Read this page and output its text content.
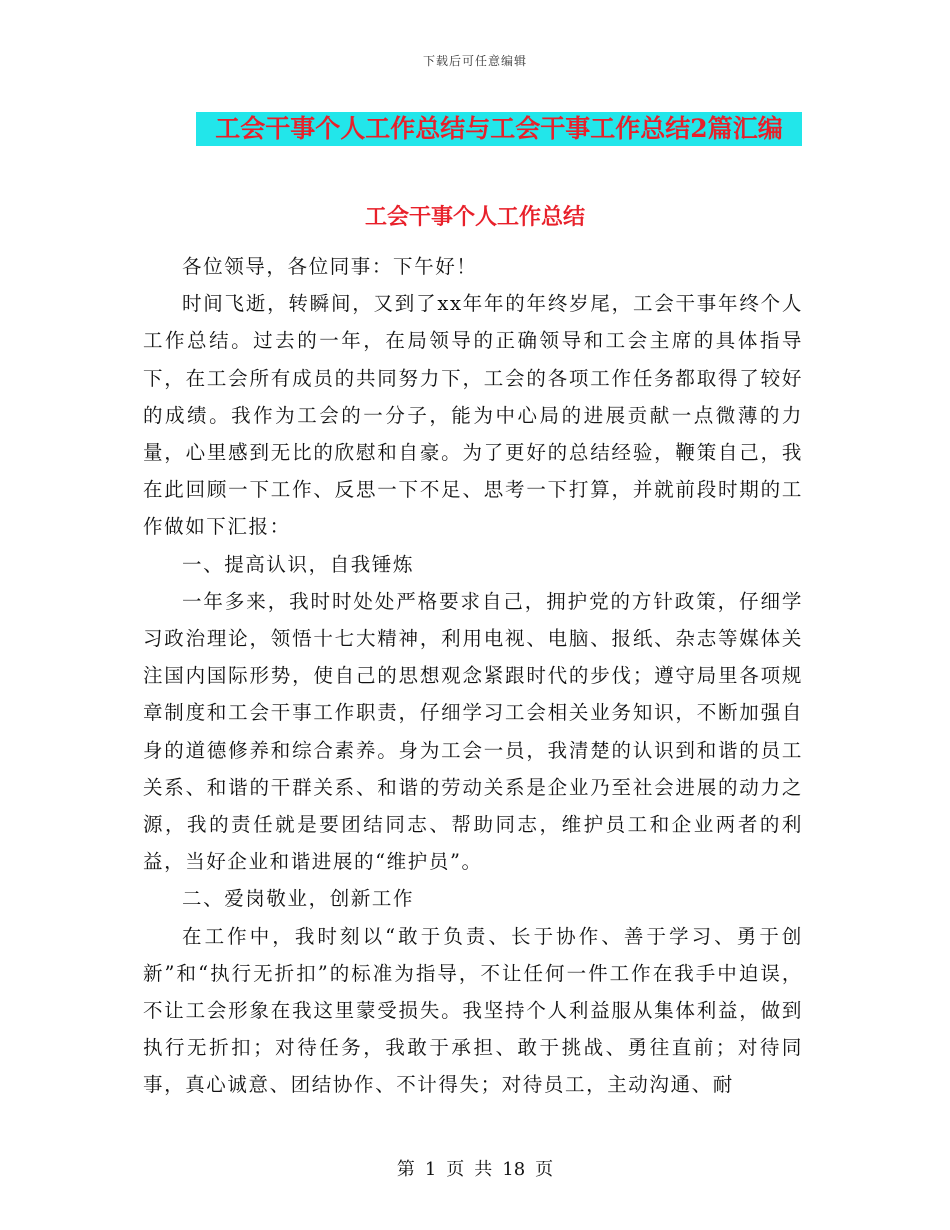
下载后可任意编辑
工会干事个人工作总结与工会干事工作总结2篇汇编
工会干事个人工作总结

各位领导，各位同事：下午好！

时间飞逝，转瞬间，又到了xx年年的年终岁尾，工会干事年终个人工作总结。过去的一年，在局领导的正确领导和工会主席的具体指导下，在工会所有成员的共同努力下，工会的各项工作任务都取得了较好的成绩。我作为工会的一分子，能为中心局的进展贡献一点微薄的力量，心里感到无比的欣慰和自豪。为了更好的总结经验，鞭策自己，我在此回顾一下工作、反思一下不足、思考一下打算，并就前段时期的工作做如下汇报：

一、提高认识，自我锤炼

一年多来，我时时处处严格要求自己，拥护党的方针政策，仔细学习政治理论，领悟十七大精神，利用电视、电脑、报纸、杂志等媒体关注国内国际形势，使自己的思想观念紧跟时代的步伐；遵守局里各项规章制度和工会干事工作职责，仔细学习工会相关业务知识，不断加强自身的道德修养和综合素养。身为工会一员，我清楚的认识到和谐的员工关系、和谐的干群关系、和谐的劳动关系是企业乃至社会进展的动力之源，我的责任就是要团结同志、帮助同志，维护员工和企业两者的利益，当好企业和谐进展的“维护员”。

二、爱岗敬业，创新工作

在工作中，我时刻以“敢于负责、长于协作、善于学习、勇于创新”和“执行无折扣”的标准为指导，不让任何一件工作在我手中迫误，不让工会形象在我这里蒙受损失。我坚持个人利益服从集体利益，做到执行无折扣；对待任务，我敢于承担、敢于挑战、勇往直前；对待同事，真心诚意、团结协作、不计得失；对待员工，主动沟通、耐

第 1 页 共 18 页
